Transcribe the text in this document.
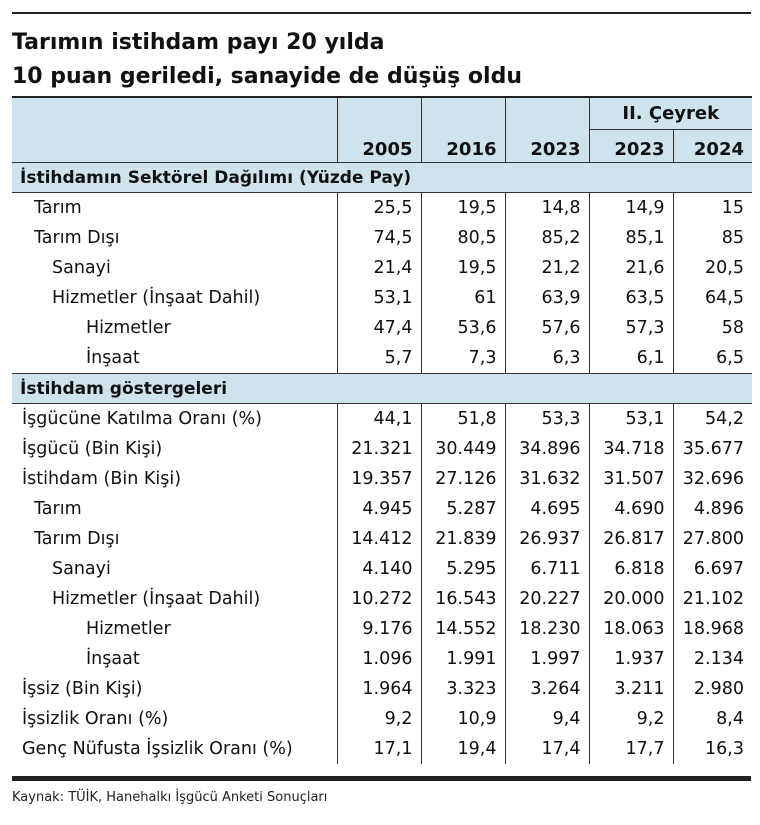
Tarımın istihdam payı 20 yılda
10 puan geriledi, sanayide de düşüş oldu
				II. Çeyrek	
	2005	2016	2023	2023	2024
İstihdamın Sektörel Dağılımı (Yüzde Pay)					
Tarım	25,5	19,5	14,8	14,9	15
Tarım Dışı	74,5	80,5	85,2	85,1	85
Sanayi	21,4	19,5	21,2	21,6	20,5
Hizmetler (İnşaat Dahil)	53,1	61	63,9	63,5	64,5
Hizmetler	47,4	53,6	57,6	57,3	58
İnşaat	5,7	7,3	6,3	6,1	6,5
İstihdam göstergeleri					
İşgücüne Katılma Oranı (%)	44,1	51,8	53,3	53,1	54,2
İşgücü (Bin Kişi)	21.321	30.449	34.896	34.718	35.677
İstihdam (Bin Kişi)	19.357	27.126	31.632	31.507	32.696
Tarım	4.945	5.287	4.695	4.690	4.896
Tarım Dışı	14.412	21.839	26.937	26.817	27.800
Sanayi	4.140	5.295	6.711	6.818	6.697
Hizmetler (İnşaat Dahil)	10.272	16.543	20.227	20.000	21.102
Hizmetler	9.176	14.552	18.230	18.063	18.968
İnşaat	1.096	1.991	1.997	1.937	2.134
İşsiz (Bin Kişi)	1.964	3.323	3.264	3.211	2.980
İşsizlik Oranı (%)	9,2	10,9	9,4	9,2	8,4
Genç Nüfusta İşsizlik Oranı (%)	17,1	19,4	17,4	17,7	16,3
Kaynak: TÜİK, Hanehalkı İşgücü Anketi Sonuçları
